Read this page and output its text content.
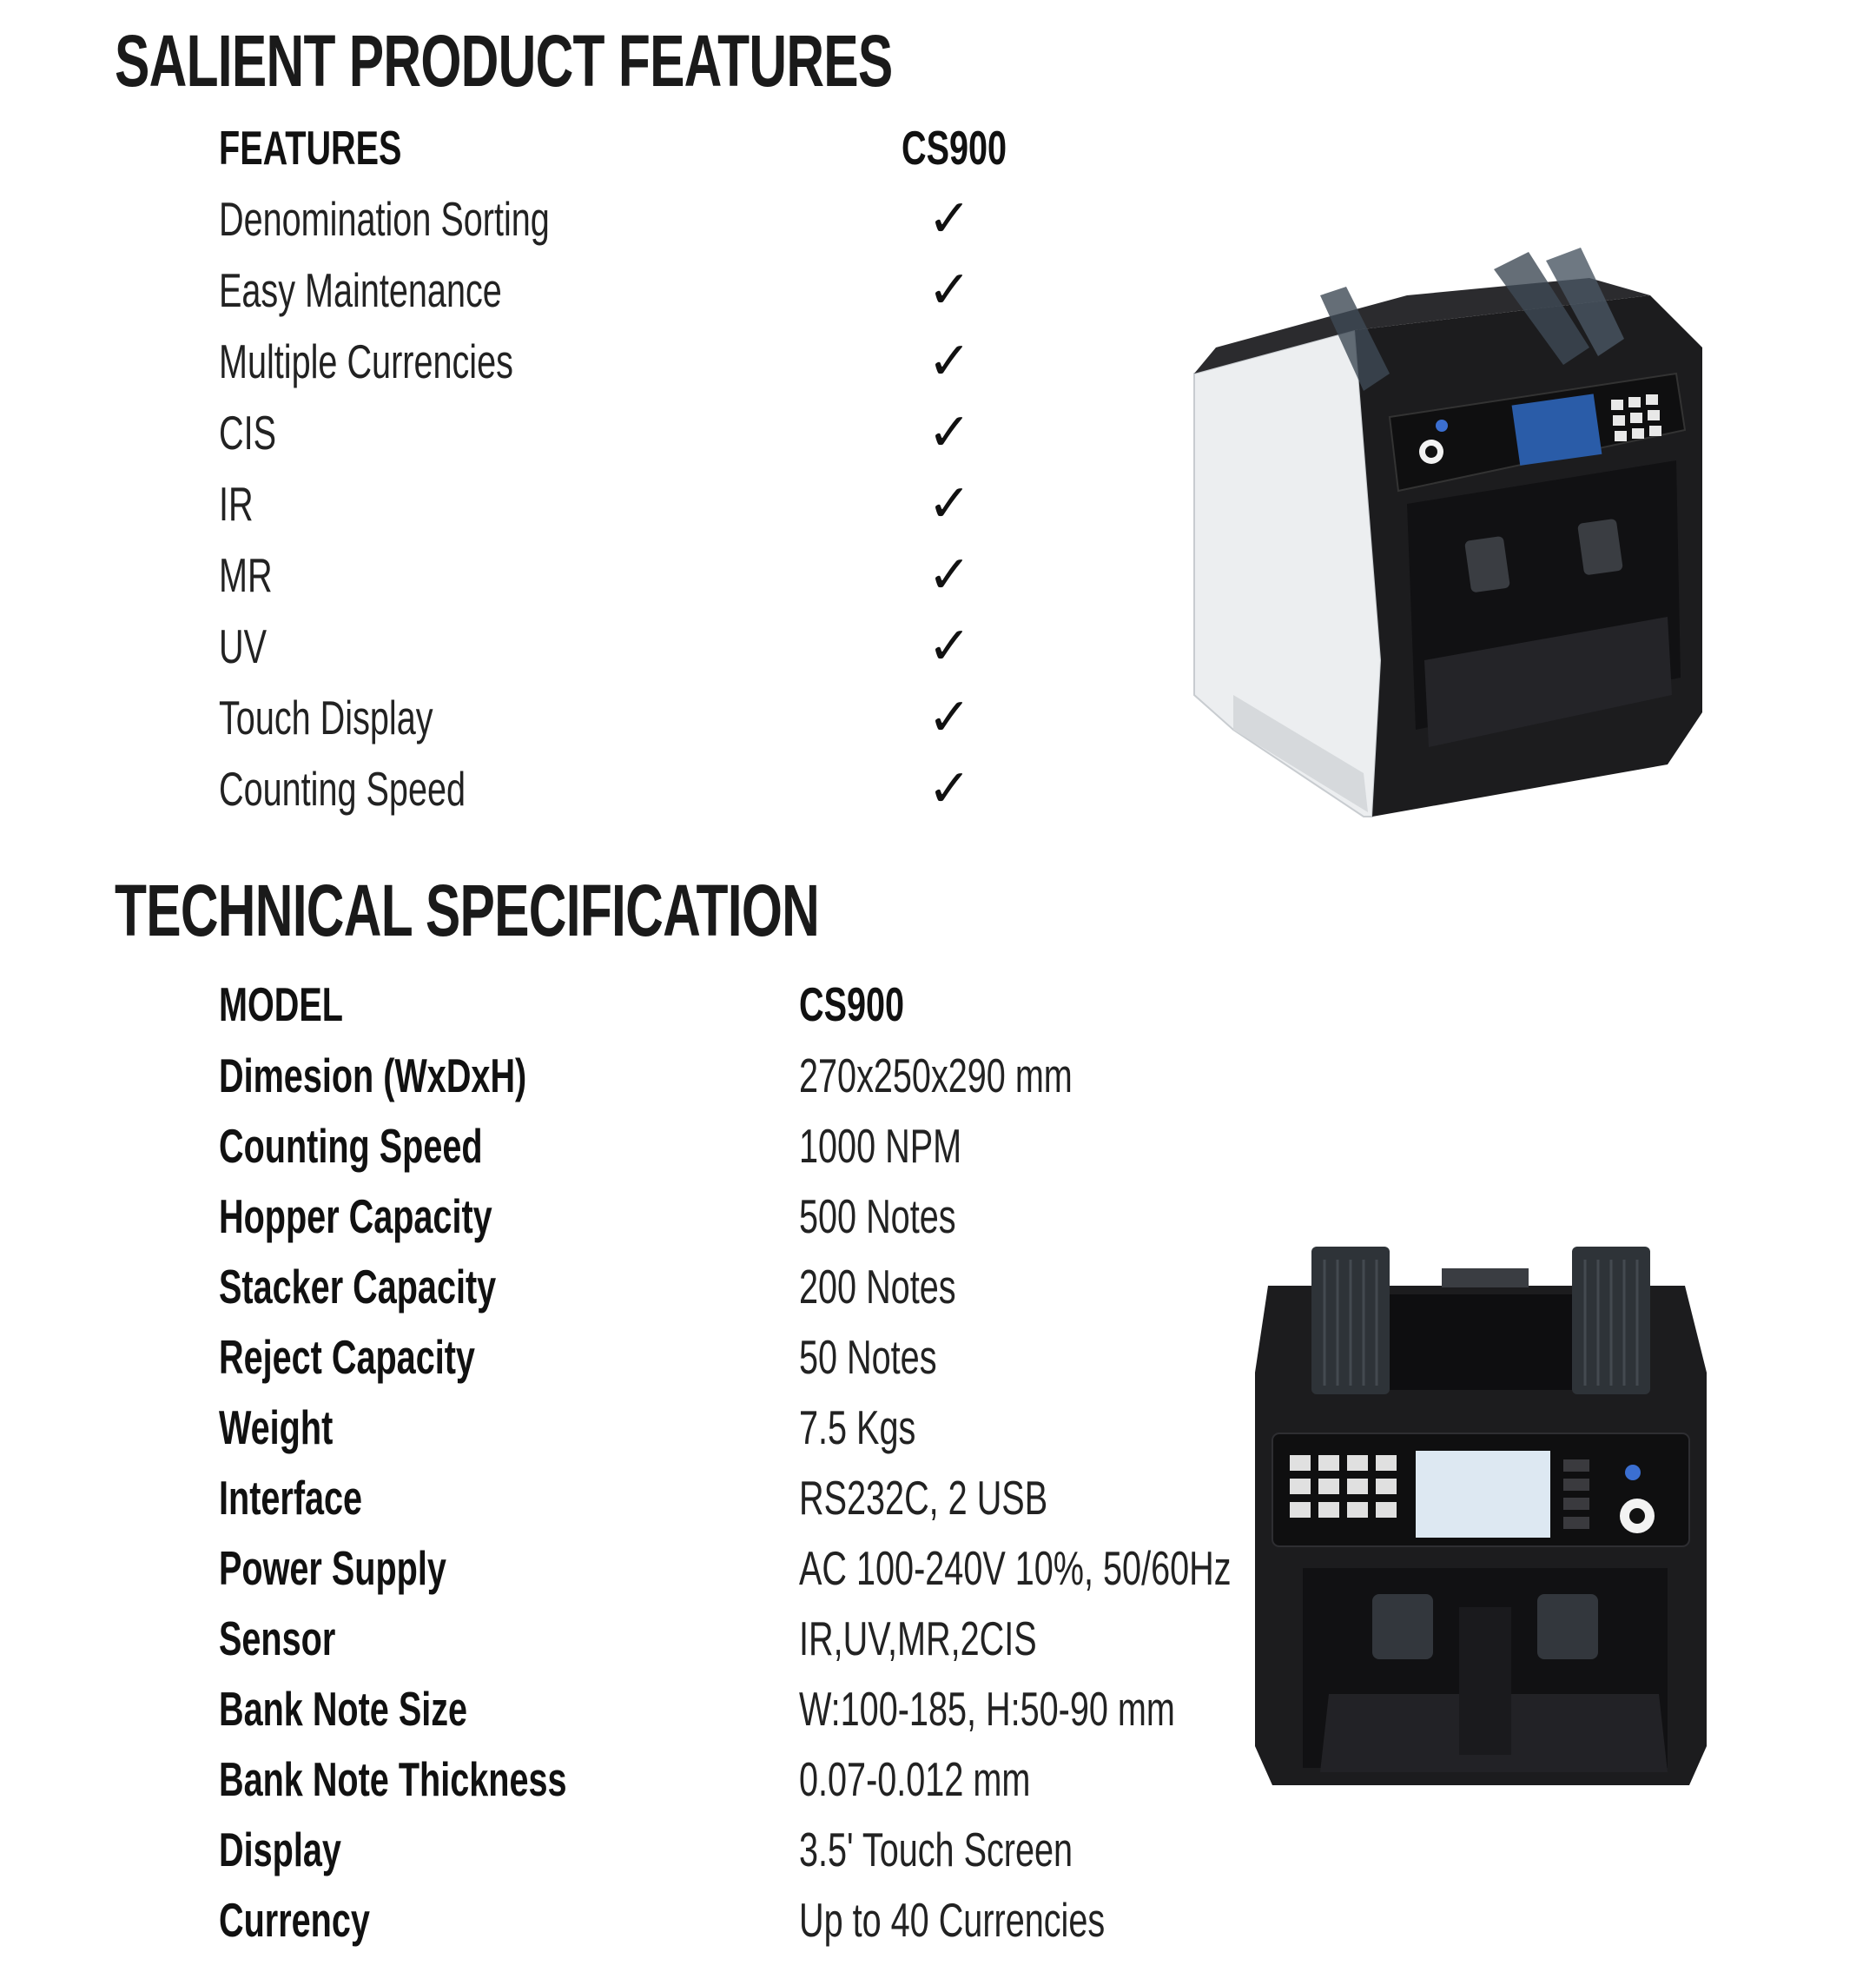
SALIENT PRODUCT FEATURES
FEATURES	CS900
Denomination Sorting	✓
Easy Maintenance	✓
Multiple Currencies	✓
CIS	✓
IR	✓
MR	✓
UV	✓
Touch Display	✓
Counting Speed	✓
TECHNICAL SPECIFICATION
MODEL	CS900
Dimesion (WxDxH)	270x250x290 mm
Counting Speed	1000 NPM
Hopper Capacity	500 Notes
Stacker Capacity	200 Notes
Reject Capacity	50 Notes
Weight	7.5 Kgs
Interface	RS232C, 2 USB
Power Supply	AC 100-240V 10%, 50/60Hz
Sensor	IR,UV,MR,2CIS
Bank Note Size	W:100-185, H:50-90 mm
Bank Note Thickness	0.07-0.012 mm
Display	3.5' Touch Screen
Currency	Up to 40 Currencies
